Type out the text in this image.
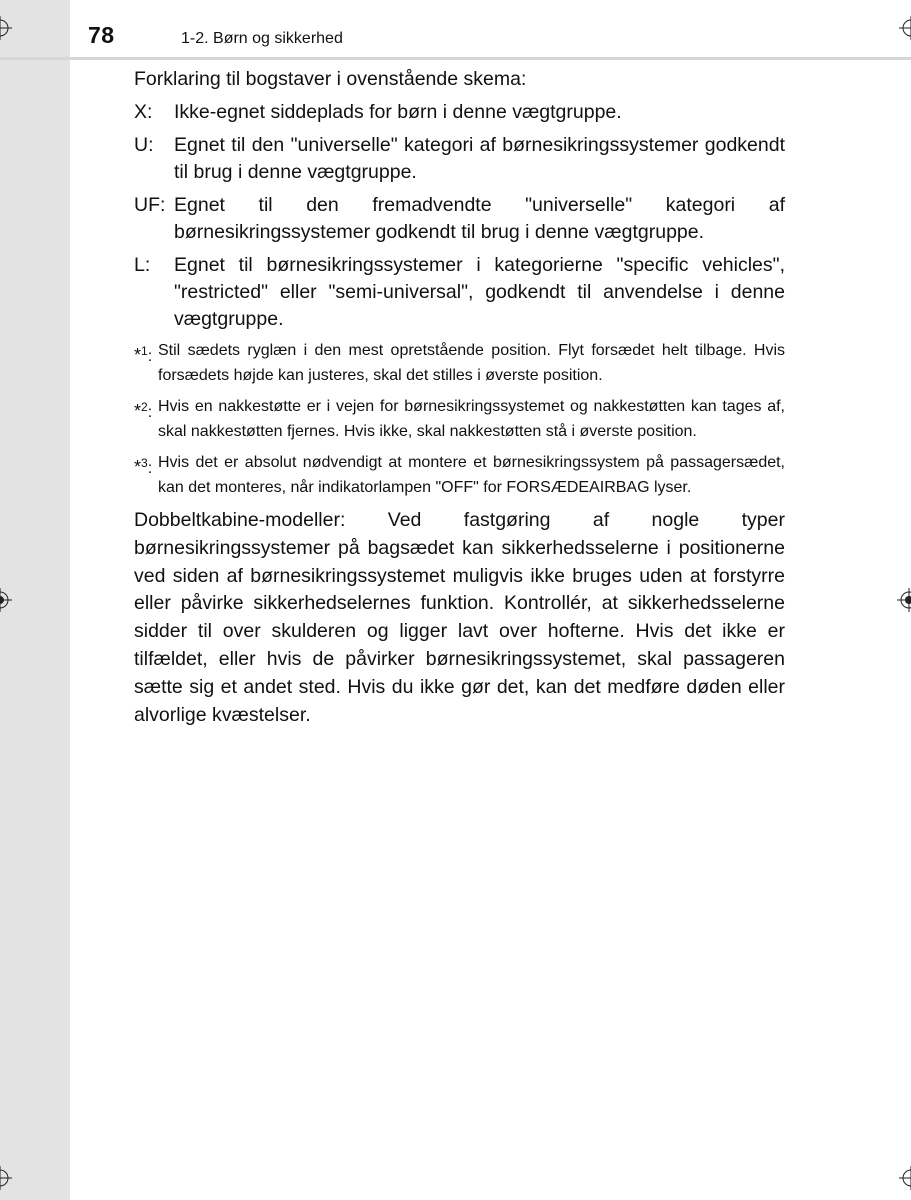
78	1-2. Børn og sikkerhed

Forklaring til bogstaver i ovenstående skema:

X:	Ikke-egnet siddeplads for børn i denne vægtgruppe.
U:	Egnet til den "universelle" kategori af børnesikringssystemer godkendt til brug i denne vægtgruppe.
UF: Egnet til den fremadvendte "universelle" kategori af børnesikringssystemer godkendt til brug i denne vægtgruppe.
L:	Egnet til børnesikringssystemer i kategorierne "specific vehicles", "restricted" eller "semi-universal", godkendt til anvendelse i denne vægtgruppe.
*$^1$: Stil sædets ryglæn i den mest opretstående position. Flyt forsædet helt tilbage. Hvis forsædets højde kan justeres, skal det stilles i øverste position.
*$^2$: Hvis en nakkestøtte er i vejen for børnesikringssystemet og nakkestøtten kan tages af, skal nakkestøtten fjernes. Hvis ikke, skal nakkestøtten stå i øverste position.
*$^3$: Hvis det er absolut nødvendigt at montere et børnesikringssystem på passagersædet, kan det monteres, når indikatorlampen "OFF" for FORSÆDEAIRBAG lyser.

Dobbeltkabine-modeller: Ved fastgøring af nogle typer børnesikringssystemer på bagsædet kan sikkerhedsselerne i positionerne ved siden af børnesikringssystemet muligvis ikke bruges uden at forstyrre eller påvirke sikkerhedselernes funktion. Kontrollér, at sikkerhedsselerne sidder til over skulderen og ligger lavt over hofterne. Hvis det ikke er tilfældet, eller hvis de påvirker børnesikringssystemet, skal passageren sætte sig et andet sted. Hvis du ikke gør det, kan det medføre døden eller alvorlige kvæstelser.
